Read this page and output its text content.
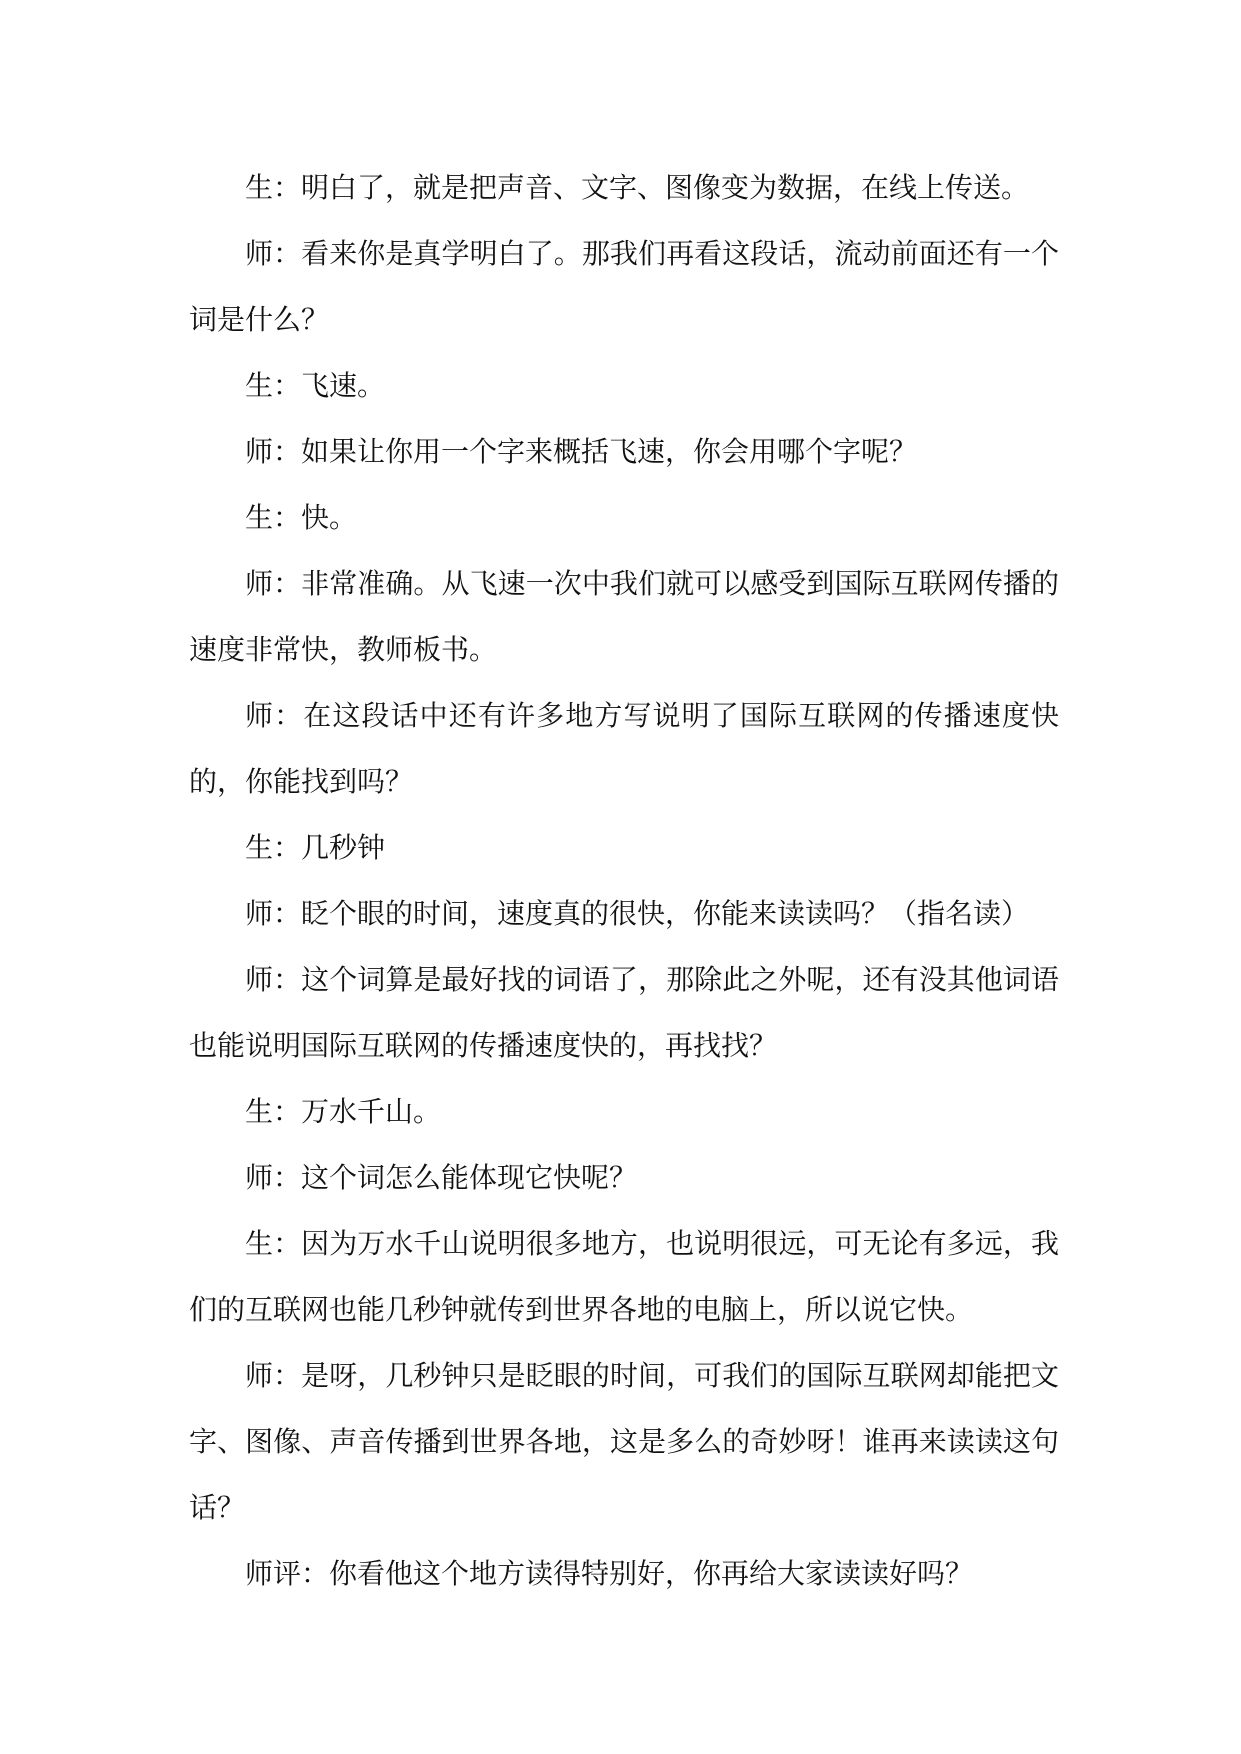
生：明白了，就是把声音、文字、图像变为数据，在线上传送。

师：看来你是真学明白了。那我们再看这段话，流动前面还有一个词是什么？

生：飞速。

师：如果让你用一个字来概括飞速，你会用哪个字呢？

生：快。

师：非常准确。从飞速一次中我们就可以感受到国际互联网传播的速度非常快，教师板书。

师：在这段话中还有许多地方写说明了国际互联网的传播速度快的，你能找到吗？

生：几秒钟

师：眨个眼的时间，速度真的很快，你能来读读吗？（指名读）

师：这个词算是最好找的词语了，那除此之外呢，还有没其他词语也能说明国际互联网的传播速度快的，再找找？

生：万水千山。

师：这个词怎么能体现它快呢？

生：因为万水千山说明很多地方，也说明很远，可无论有多远，我们的互联网也能几秒钟就传到世界各地的电脑上，所以说它快。

师：是呀，几秒钟只是眨眼的时间，可我们的国际互联网却能把文字、图像、声音传播到世界各地，这是多么的奇妙呀！谁再来读读这句话？

师评：你看他这个地方读得特别好，你再给大家读读好吗？
